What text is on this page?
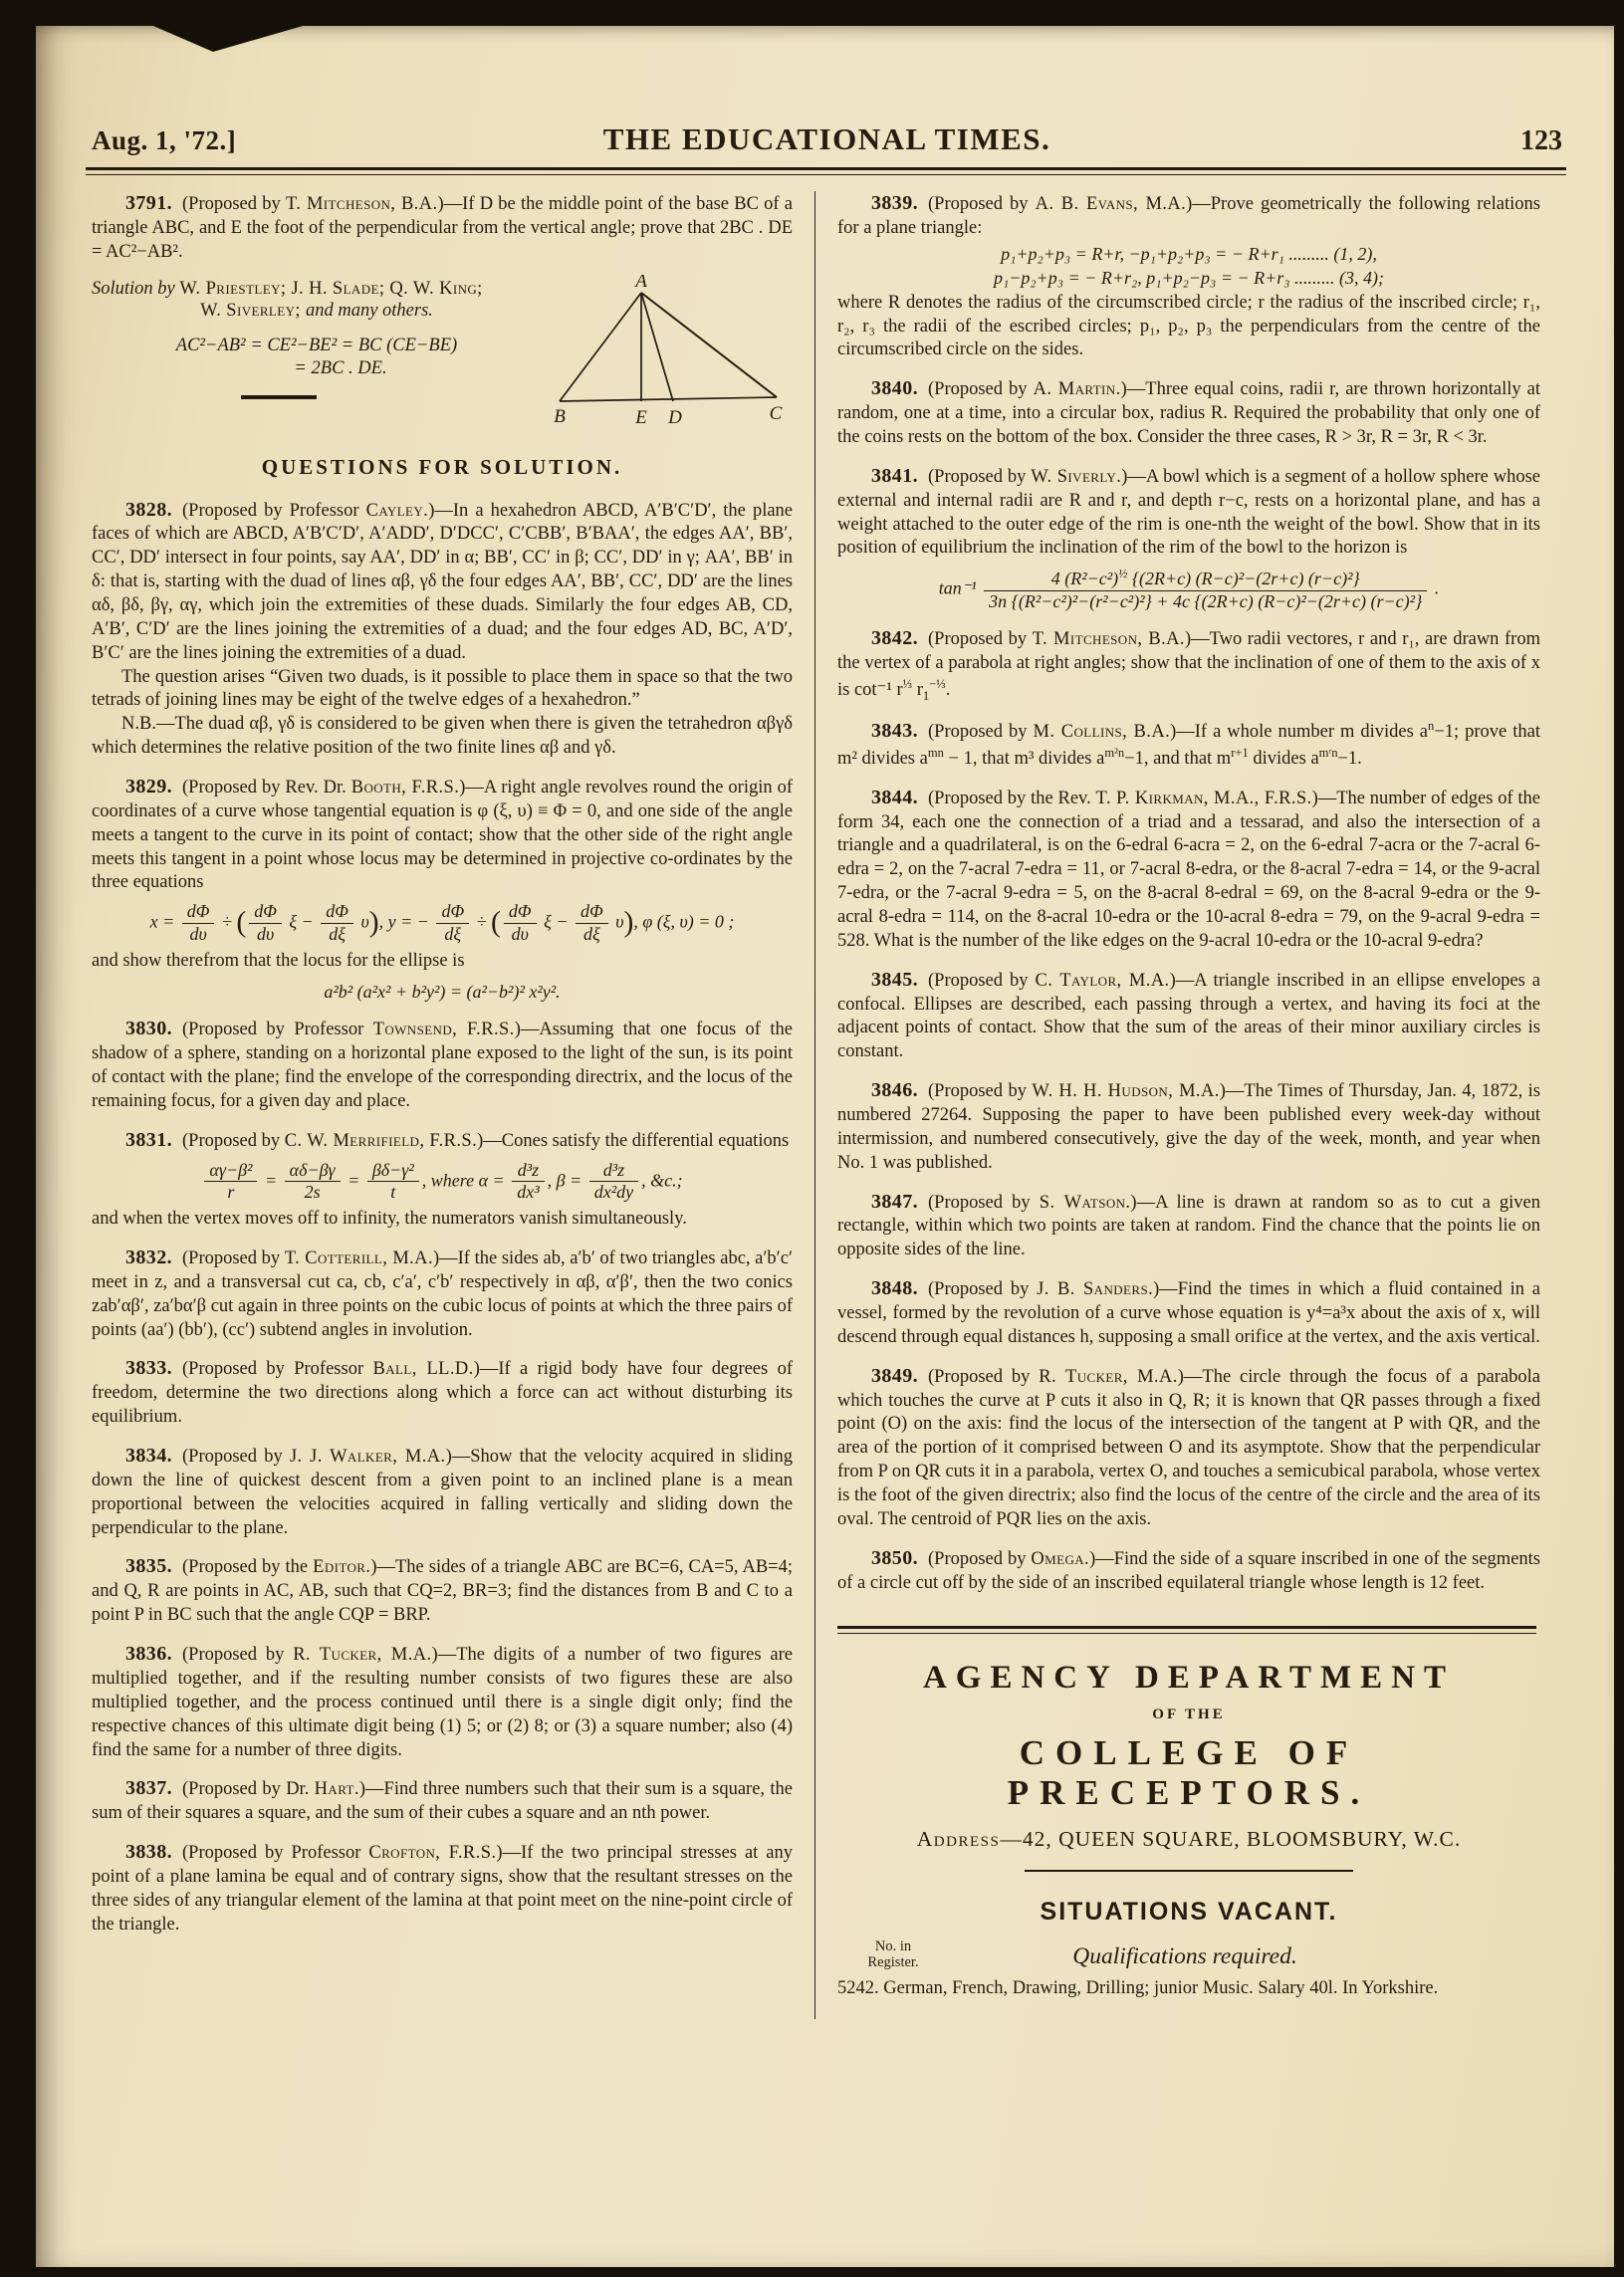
Aug. 1, '72.]	THE EDUCATIONAL TIMES.	123

3791. (Proposed by T. Mitcheson, B.A.)—If D be the middle point of the base BC of a triangle ABC, and E the foot of the perpendicular from the vertical angle; prove that 2BC . DE = AC²−AB².

Solution by W. Priestley; J. H. Slade; Q. W. King;
W. Siverley; and many others.
AC²−AB² = CE²−BE² = BC (CE−BE)
= 2BC . DE.
A
B	E D	C
QUESTIONS FOR SOLUTION.

3828. (Proposed by Professor Cayley.)—In a hexahedron ABCD, A′B′C′D′, the plane faces of which are ABCD, A′B′C′D′, A′ADD′, D′DCC′, C′CBB′, B′BAA′, the edges AA′, BB′, CC′, DD′ intersect in four points, say AA′, DD′ in α; BB′, CC′ in β; CC′, DD′ in γ; AA′, BB′ in δ: that is, starting with the duad of lines αβ, γδ the four edges AA′, BB′, CC′, DD′ are the lines αδ, βδ, βγ, αγ, which join the extremities of these duads. Similarly the four edges AB, CD, A′B′, C′D′ are the lines joining the extremities of a duad; and the four edges AD, BC, A′D′, B′C′ are the lines joining the extremities of a duad.

The question arises “Given two duads, is it possible to place them in space so that the two tetrads of joining lines may be eight of the twelve edges of a hexahedron.”

N.B.—The duad αβ, γδ is considered to be given when there is given the tetrahedron αβγδ which determines the relative position of the two finite lines αβ and γδ.

3829. (Proposed by Rev. Dr. Booth, F.R.S.)—A right angle revolves round the origin of coordinates of a curve whose tangential equation is φ (ξ, υ) ≡ Φ = 0, and one side of the angle meets a tangent to the curve in its point of contact; show that the other side of the right angle meets this tangent in a point whose locus may be determined in projective co-ordinates by the three equations

$x = \frac{d\Phi}{d\upsilon}$ ÷ ( $\frac{d\Phi}{d\upsilon}$ $\xi - \frac{d\Phi}{d\xi} \upsilon$), y = − $\frac{d\Phi}{d\xi}$ ÷ ( $\frac{d\Phi}{d\upsilon}$ $\xi - \frac{d\Phi}{d\xi} \upsilon$), φ (ξ, υ) = 0 ;

and show therefrom that the locus for the ellipse is

a²b² (a²x² + b²y²) = (a²−b²)² x²y².

3830. (Proposed by Professor Townsend, F.R.S.)—Assuming that one focus of the shadow of a sphere, standing on a horizontal plane exposed to the light of the sun, is its point of contact with the plane; find the envelope of the corresponding directrix, and the locus of the remaining focus, for a given day and place.

3831. (Proposed by C. W. Merrifield, F.R.S.)—Cones satisfy the differential equations

$\frac{\text{αγ−β²}}{r} = \frac{\alpha\delta-\beta\gamma}{2s} = \frac{\text{βδ−γ²}}{t}$ , where $\alpha = \frac{\text{d³z}}{\text{dx³}}$ , $\beta = \frac{\text{d³z}}{\text{dx²dy}}$ , &c.;

and when the vertex moves off to infinity, the numerators vanish simultaneously.

3832. (Proposed by T. Cotterill, M.A.)—If the sides ab, a′b′ of two triangles abc, a′b′c′ meet in z, and a transversal cut ca, cb, c′a′, c′b′ respectively in αβ, α′β′, then the two conics zab′αβ′, za′bα′β cut again in three points on the cubic locus of points at which the three pairs of points (aa′) (bb′), (cc′) subtend angles in involution.

3833. (Proposed by Professor Ball, LL.D.)—If a rigid body have four degrees of freedom, determine the two directions along which a force can act without disturbing its equilibrium.

3834. (Proposed by J. J. Walker, M.A.)—Show that the velocity acquired in sliding down the line of quickest descent from a given point to an inclined plane is a mean proportional between the velocities acquired in falling vertically and sliding down the perpendicular to the plane.

3835. (Proposed by the Editor.)—The sides of a triangle ABC are BC=6, CA=5, AB=4; and Q, R are points in AC, AB, such that CQ=2, BR=3; find the distances from B and C to a point P in BC such that the angle CQP = BRP.

3836. (Proposed by R. Tucker, M.A.)—The digits of a number of two figures are multiplied together, and if the resulting number consists of two figures these are also multiplied together, and the process continued until there is a single digit only; find the respective chances of this ultimate digit being (1) 5; or (2) 8; or (3) a square number; also (4) find the same for a number of three digits.

3837. (Proposed by Dr. Hart.)—Find three numbers such that their sum is a square, the sum of their squares a square, and the sum of their cubes a square and an nth power.

3838. (Proposed by Professor Crofton, F.R.S.)—If the two principal stresses at any point of a plane lamina be equal and of contrary signs, show that the resultant stresses on the three sides of any triangular element of the lamina at that point meet on the nine-point circle of the triangle.

3839. (Proposed by A. B. Evans, M.A.)—Prove geometrically the following relations for a plane triangle:

p₁+p₂+p₃ = R+r, −p₁+p₂+p₃ = − R+r₁ ......... (1, 2),
p₁−p₂+p₃ = − R+r₂, p₁+p₂−p₃ = − R+r₃ ......... (3, 4);

where R denotes the radius of the circumscribed circle; r the radius of the inscribed circle; r₁, r₂, r₃ the radii of the escribed circles; p₁, p₂, p₃ the perpendiculars from the centre of the circumscribed circle on the sides.

3840. (Proposed by A. Martin.)—Three equal coins, radii r, are thrown horizontally at random, one at a time, into a circular box, radius R. Required the probability that only one of the coins rests on the bottom of the box. Consider the three cases, R > 3r, R = 3r, R < 3r.

3841. (Proposed by W. Siverly.)—A bowl which is a segment of a hollow sphere whose external and internal radii are R and r, and depth r−c, rests on a horizontal plane, and has a weight attached to the outer edge of the rim is one-nth the weight of the bowl. Show that in its position of equilibrium the inclination of the rim of the bowl to the horizon is

$\tan^{-1} \frac{4 (R^2-c^2)^{\frac{1}{2}} \{(2R+c) (R-c)^2-(2r+c) (r-c)^2\}}{\text{3n \{(R²−c²)²−(r²−c²)²\} + 4c \{(2R+c) (R−c)²−(2r+c) (r−c)²\}}}$ .

3842. (Proposed by T. Mitcheson, B.A.)—Two radii vectores, r and r₁, are drawn from the vertex of a parabola at right angles; show that the inclination of one of them to the axis of x is cot⁻¹ $r^{\frac{1}{3}}$ $r_1^{-\frac{1}{3}}$.

3843. (Proposed by M. Collins, B.A.)—If a whole number m divides $a^n-1$; prove that m² divides $a^{mn} - 1$, that m³ divides $a^{m^2n}-1$, and that $m^{r+1}$ divides $a^{mʳn}-1$.

3844. (Proposed by the Rev. T. P. Kirkman, M.A., F.R.S.)—The number of edges of the form 34, each one the connection of a triad and a tessarad, and also the intersection of a triangle and a quadrilateral, is on the 6-edral 6-acra = 2, on the 6-edral 7-acra or the 7-acral 6-edra = 2, on the 7-acral 7-edra = 11, or 7-acral 8-edra, or the 8-acral 7-edra = 14, or the 9-acral 7-edra, or the 7-acral 9-edra = 5, on the 8-acral 8-edral = 69, on the 8-acral 9-edra or the 9-acral 8-edra = 114, on the 8-acral 10-edra or the 10-acral 8-edra = 79, on the 9-acral 9-edra = 528. What is the number of the like edges on the 9-acral 10-edra or the 10-acral 9-edra?

3845. (Proposed by C. Taylor, M.A.)—A triangle inscribed in an ellipse envelopes a confocal. Ellipses are described, each passing through a vertex, and having its foci at the adjacent points of contact. Show that the sum of the areas of their minor auxiliary circles is constant.

3846. (Proposed by W. H. H. Hudson, M.A.)—The Times of Thursday, Jan. 4, 1872, is numbered 27264. Supposing the paper to have been published every week-day without intermission, and numbered consecutively, give the day of the week, month, and year when No. 1 was published.

3847. (Proposed by S. Watson.)—A line is drawn at random so as to cut a given rectangle, within which two points are taken at random. Find the chance that the points lie on opposite sides of the line.

3848. (Proposed by J. B. Sanders.)—Find the times in which a fluid contained in a vessel, formed by the revolution of a curve whose equation is y⁴=a³x about the axis of x, will descend through equal distances h, supposing a small orifice at the vertex, and the axis vertical.

3849. (Proposed by R. Tucker, M.A.)—The circle through the focus of a parabola which touches the curve at P cuts it also in Q, R; it is known that QR passes through a fixed point (O) on the axis: find the locus of the intersection of the tangent at P with QR, and the area of the portion of it comprised between O and its asymptote. Show that the perpendicular from P on QR cuts it in a parabola, vertex O, and touches a semicubical parabola, whose vertex is the foot of the given directrix; also find the locus of the centre of the circle and the area of its oval. The centroid of PQR lies on the axis.

3850. (Proposed by Omega.)—Find the side of a square inscribed in one of the segments of a circle cut off by the side of an inscribed equilateral triangle whose length is 12 feet.

AGENCY DEPARTMENT
OF THE
COLLEGE OF PRECEPTORS.
Address—42, QUEEN SQUARE, BLOOMSBURY, W.C.
SITUATIONS VACANT.
No. in
Register.	Qualifications required.

5242. German, French, Drawing, Drilling; junior Music. Salary 40l. In Yorkshire.
